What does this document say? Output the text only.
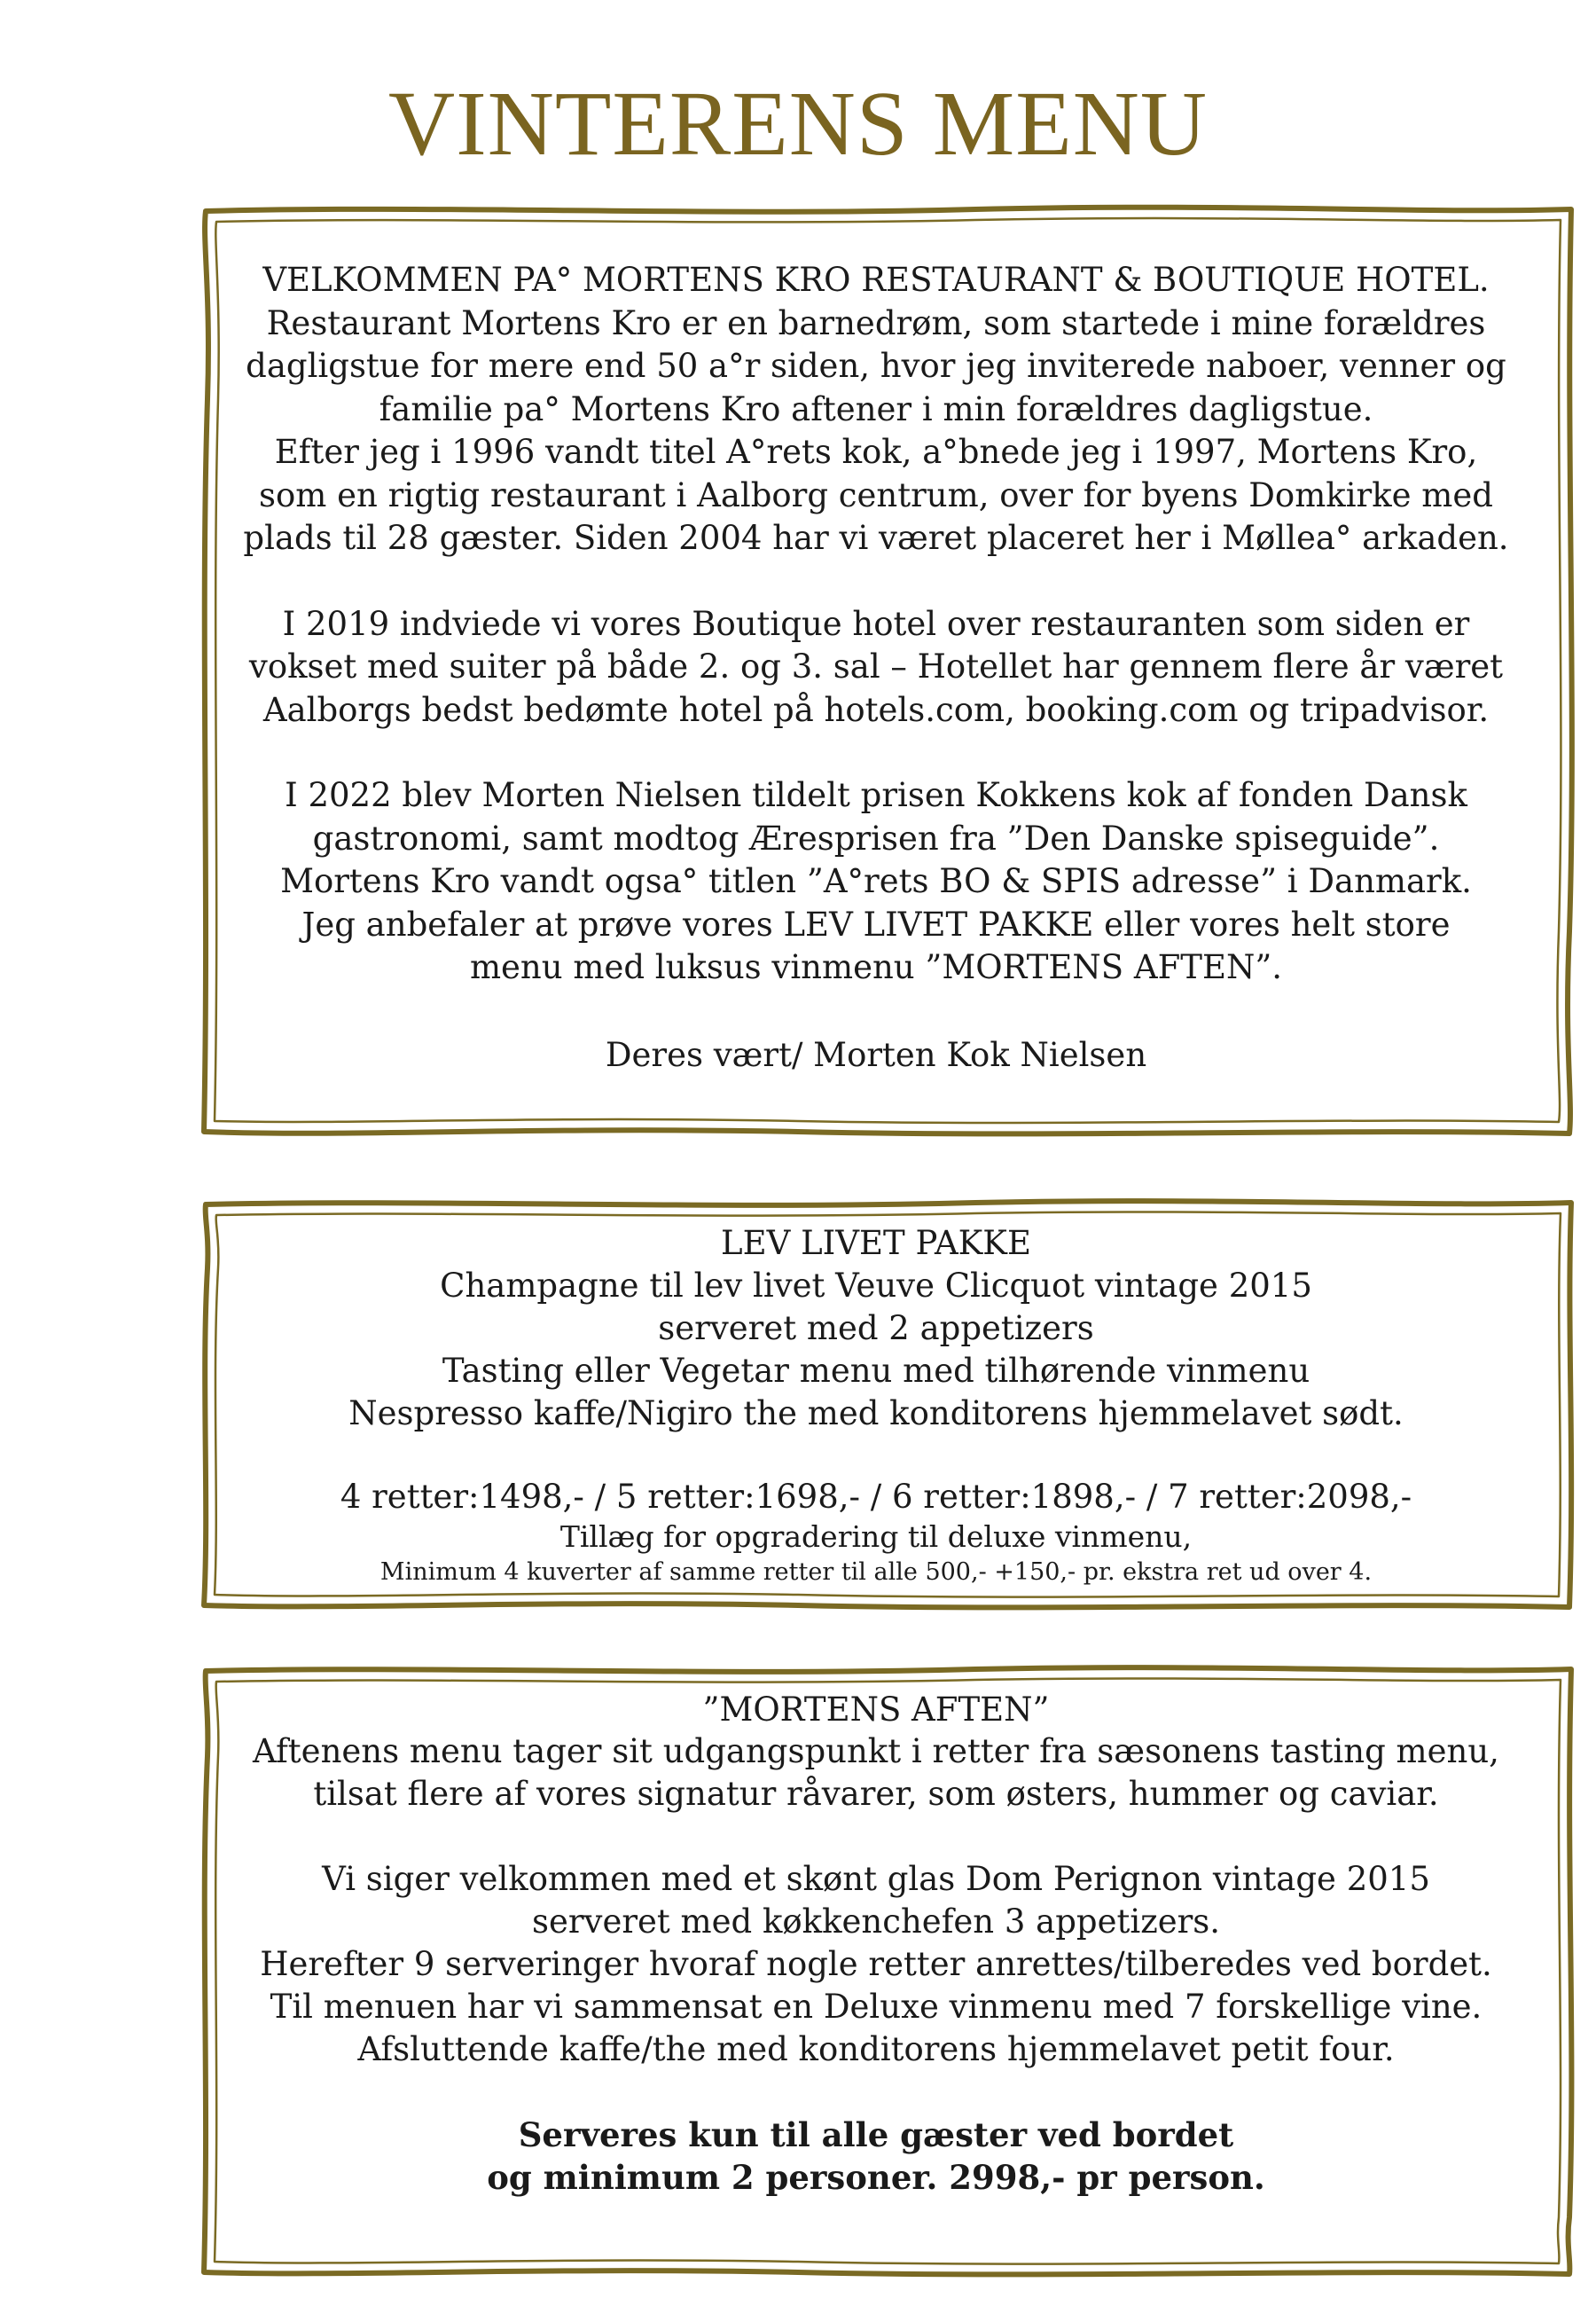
VINTERENS MENU

VELKOMMEN PA° MORTENS KRO RESTAURANT & BOUTIQUE HOTEL.

Restaurant Mortens Kro er en barnedrøm, som startede i mine forældres

dagligstue for mere end 50 a°r siden, hvor jeg inviterede naboer, venner og

familie pa° Mortens Kro aftener i min forældres dagligstue.

Efter jeg i 1996 vandt titel A°rets kok, a°bnede jeg i 1997, Mortens Kro,

som en rigtig restaurant i Aalborg centrum, over for byens Domkirke med

plads til 28 gæster. Siden 2004 har vi været placeret her i Møllea° arkaden.

I 2019 indviede vi vores Boutique hotel over restauranten som siden er

vokset med suiter på både 2. og 3. sal – Hotellet har gennem flere år været

Aalborgs bedst bedømte hotel på hotels.com, booking.com og tripadvisor.

I 2022 blev Morten Nielsen tildelt prisen Kokkens kok af fonden Dansk

gastronomi, samt modtog Æresprisen fra ”Den Danske spiseguide”.

Mortens Kro vandt ogsa° titlen ”A°rets BO & SPIS adresse” i Danmark.

Jeg anbefaler at prøve vores LEV LIVET PAKKE eller vores helt store

menu med luksus vinmenu ”MORTENS AFTEN”.

Deres vært/ Morten Kok Nielsen

LEV LIVET PAKKE
Champagne til lev livet Veuve Clicquot vintage 2015
serveret med 2 appetizers
Tasting eller Vegetar menu med tilhørende vinmenu
Nespresso kaffe/Nigiro the med konditorens hjemmelavet sødt.
4 retter:1498,- / 5 retter:1698,- / 6 retter:1898,- / 7 retter:2098,-
Tillæg for opgradering til deluxe vinmenu,
Minimum 4 kuverter af samme retter til alle 500,- +150,- pr. ekstra ret ud over 4.
”MORTENS AFTEN”
Aftenens menu tager sit udgangspunkt i retter fra sæsonens tasting menu,
tilsat flere af vores signatur råvarer, som østers, hummer og caviar.
Vi siger velkommen med et skønt glas Dom Perignon vintage 2015
serveret med køkkenchefen 3 appetizers.
Herefter 9 serveringer hvoraf nogle retter anrettes/tilberedes ved bordet.
Til menuen har vi sammensat en Deluxe vinmenu med 7 forskellige vine.
Afsluttende kaffe/the med konditorens hjemmelavet petit four.
Serveres kun til alle gæster ved bordet
og minimum 2 personer. 2998,- pr person.
